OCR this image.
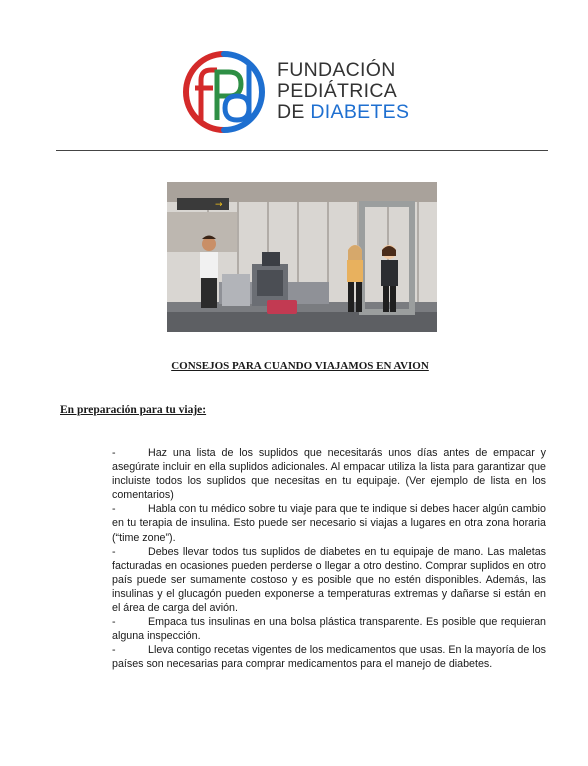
FUNDACIÓN
PEDIÁTRICA
DE DIABETES
→
CONSEJOS PARA CUANDO VIAJAMOS EN AVION
En preparación para tu viaje:

-	Haz una lista de los suplidos que necesitarás unos días antes de empacar y asegúrate incluir en ella suplidos adicionales. Al empacar utiliza la lista para garantizar que incluiste todos los suplidos que necesitas en tu equipaje. (Ver ejemplo de lista en los comentarios)

-	Habla con tu médico sobre tu viaje para que te indique si debes hacer algún cambio en tu terapia de insulina. Esto puede ser necesario si viajas a lugares en otra zona horaria (“time zone”).

-	Debes llevar todos tus suplidos de diabetes en tu equipaje de mano. Las maletas facturadas en ocasiones pueden perderse o llegar a otro destino. Comprar suplidos en otro país puede ser sumamente costoso y es posible que no estén disponibles. Además, las insulinas y el glucagón pueden exponerse a temperaturas extremas y dañarse si están en el área de carga del avión.

-	Empaca tus insulinas en una bolsa plástica transparente. Es posible que requieran alguna inspección.

-	Lleva contigo recetas vigentes de los medicamentos que usas. En la mayoría de los países son necesarias para comprar medicamentos para el manejo de diabetes.
